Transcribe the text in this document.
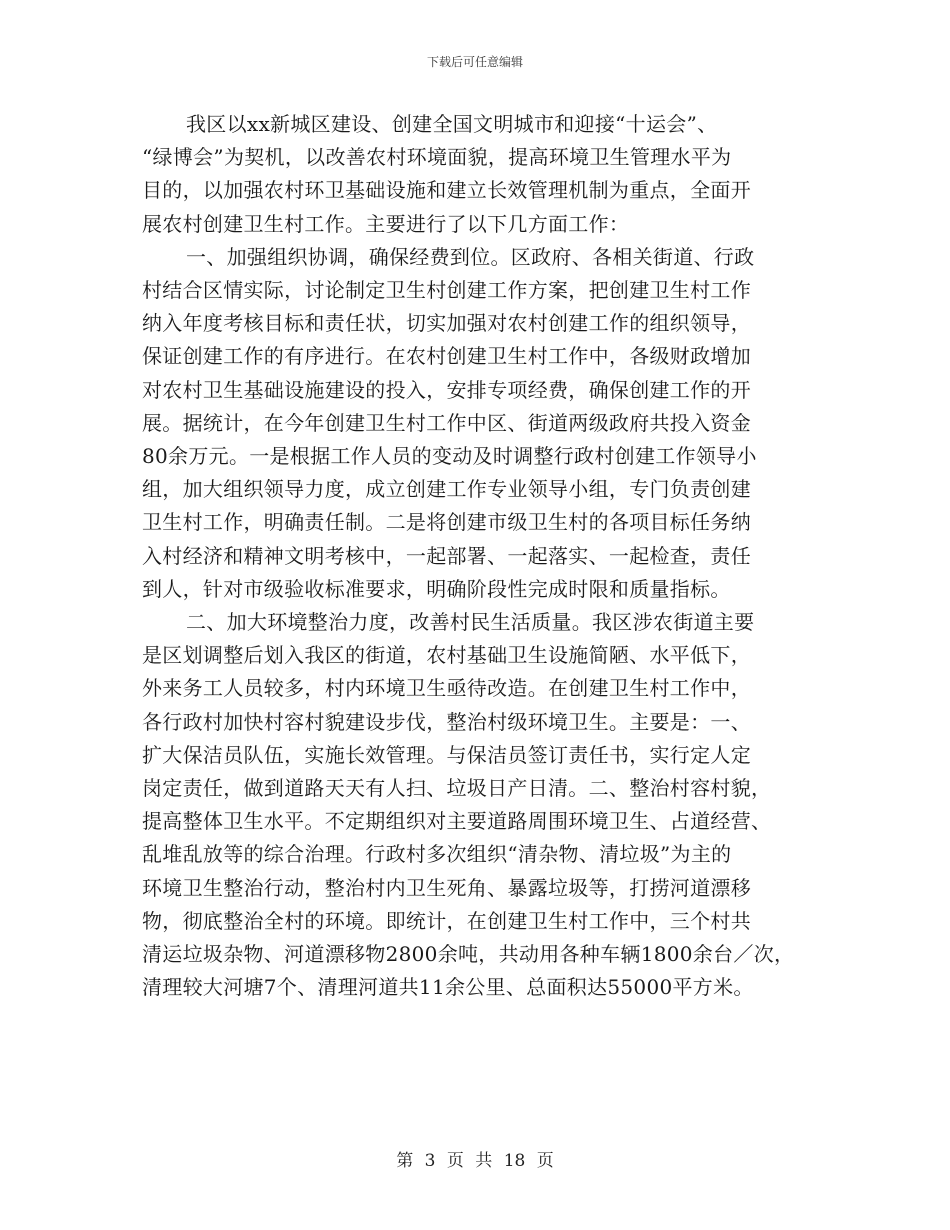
下载后可任意编辑

我区以xx新城区建设、创建全国文明城市和迎接“十运会”、
“绿博会”为契机，以改善农村环境面貌，提高环境卫生管理水平为
目的，以加强农村环卫基础设施和建立长效管理机制为重点，全面开
展农村创建卫生村工作。主要进行了以下几方面工作：

一、加强组织协调，确保经费到位。区政府、各相关街道、行政
村结合区情实际，讨论制定卫生村创建工作方案，把创建卫生村工作
纳入年度考核目标和责任状，切实加强对农村创建工作的组织领导，
保证创建工作的有序进行。在农村创建卫生村工作中，各级财政增加
对农村卫生基础设施建设的投入，安排专项经费，确保创建工作的开
展。据统计，在今年创建卫生村工作中区、街道两级政府共投入资金
80余万元。一是根据工作人员的变动及时调整行政村创建工作领导小
组，加大组织领导力度，成立创建工作专业领导小组，专门负责创建
卫生村工作，明确责任制。二是将创建市级卫生村的各项目标任务纳
入村经济和精神文明考核中，一起部署、一起落实、一起检查，责任
到人，针对市级验收标准要求，明确阶段性完成时限和质量指标。

二、加大环境整治力度，改善村民生活质量。我区涉农街道主要
是区划调整后划入我区的街道，农村基础卫生设施简陋、水平低下，
外来务工人员较多，村内环境卫生亟待改造。在创建卫生村工作中，
各行政村加快村容村貌建设步伐，整治村级环境卫生。主要是：一、
扩大保洁员队伍，实施长效管理。与保洁员签订责任书，实行定人定
岗定责任，做到道路天天有人扫、垃圾日产日清。二、整治村容村貌，
提高整体卫生水平。不定期组织对主要道路周围环境卫生、占道经营、
乱堆乱放等的综合治理。行政村多次组织“清杂物、清垃圾”为主的
环境卫生整治行动，整治村内卫生死角、暴露垃圾等，打捞河道漂移
物，彻底整治全村的环境。即统计，在创建卫生村工作中，三个村共
清运垃圾杂物、河道漂移物2800余吨，共动用各种车辆1800余台／次，
清理较大河塘7个、清理河道共11余公里、总面积达55000平方米。

第 3 页 共 18 页
